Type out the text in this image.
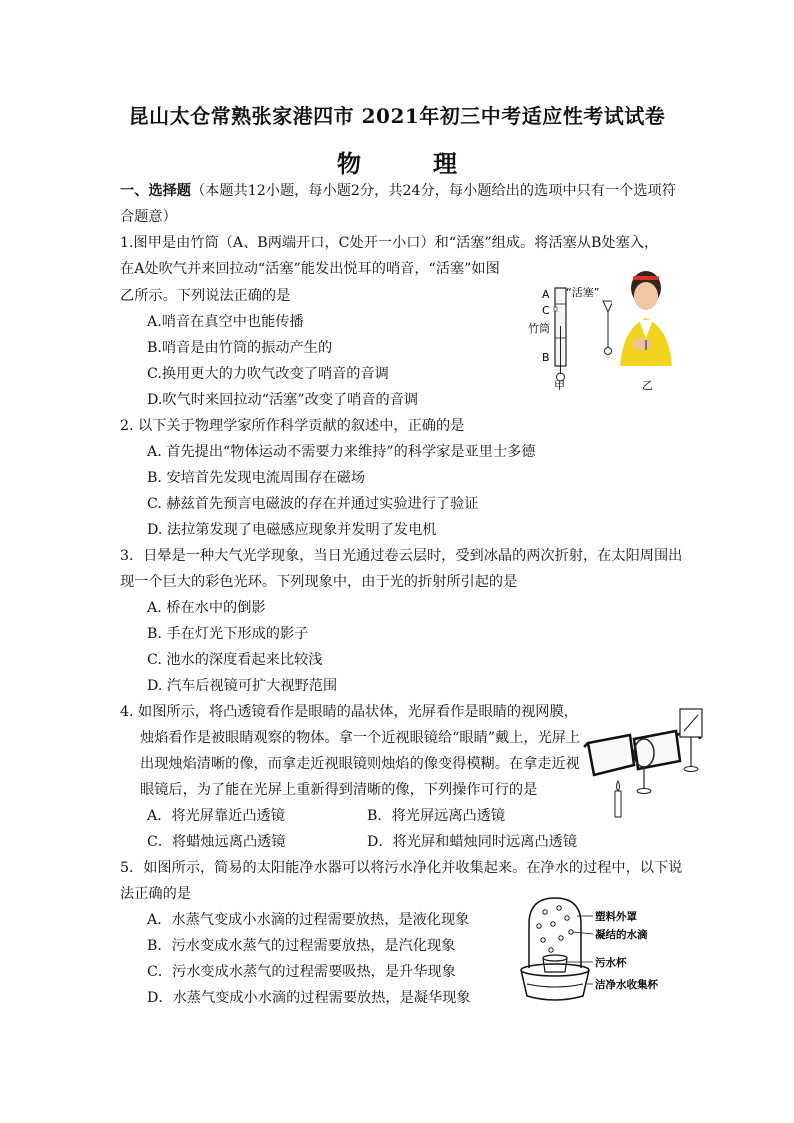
昆山太仓常熟张家港四市 2021年初三中考适应性考试试卷
物　理
一、选择题（本题共12小题，每小题2分，共24分，每小题给出的选项中只有一个选项符
合题意）
1.图甲是由竹筒（A、B两端开口，C处开一小口）和“活塞”组成。将活塞从B处塞入，
在A处吹气并来回拉动“活塞”能发出悦耳的哨音，“活塞”如图
乙所示。下列说法正确的是
A.哨音在真空中也能传播
B.哨音是由竹筒的振动产生的
C.换用更大的力吹气改变了哨音的音调
D.吹气时来回拉动“活塞”改变了哨音的音调
A
C
竹筒
B
“活塞”
甲	乙
2. 以下关于物理学家所作科学贡献的叙述中，正确的是
A. 首先提出“物体运动不需要力来维持”的科学家是亚里士多德
B. 安培首先发现电流周围存在磁场
C. 赫兹首先预言电磁波的存在并通过实验进行了验证
D. 法拉第发现了电磁感应现象并发明了发电机
3．日晕是一种大气光学现象，当日光通过卷云层时，受到冰晶的两次折射，在太阳周围出
现一个巨大的彩色光环。下列现象中，由于光的折射所引起的是
A. 桥在水中的倒影
B. 手在灯光下形成的影子
C. 池水的深度看起来比较浅
D. 汽车后视镜可扩大视野范围
4. 如图所示，将凸透镜看作是眼睛的晶状体，光屏看作是眼睛的视网膜，
烛焰看作是被眼睛观察的物体。拿一个近视眼镜给“眼睛”戴上，光屏上
出现烛焰清晰的像，而拿走近视眼镜则烛焰的像变得模糊。在拿走近视
眼镜后，为了能在光屏上重新得到清晰的像，下列操作可行的是
A．将光屏靠近凸透镜	B．将光屏远离凸透镜
C．将蜡烛远离凸透镜	D．将光屏和蜡烛同时远离凸透镜
5．如图所示，简易的太阳能净水器可以将污水净化并收集起来。在净水的过程中，以下说
法正确的是
A．水蒸气变成小水滴的过程需要放热，是液化现象
B．污水变成水蒸气的过程需要放热，是汽化现象
C．污水变成水蒸气的过程需要吸热，是升华现象
D．水蒸气变成小水滴的过程需要放热，是凝华现象
塑料外罩
凝结的水滴
污水杯
洁净水收集杯
